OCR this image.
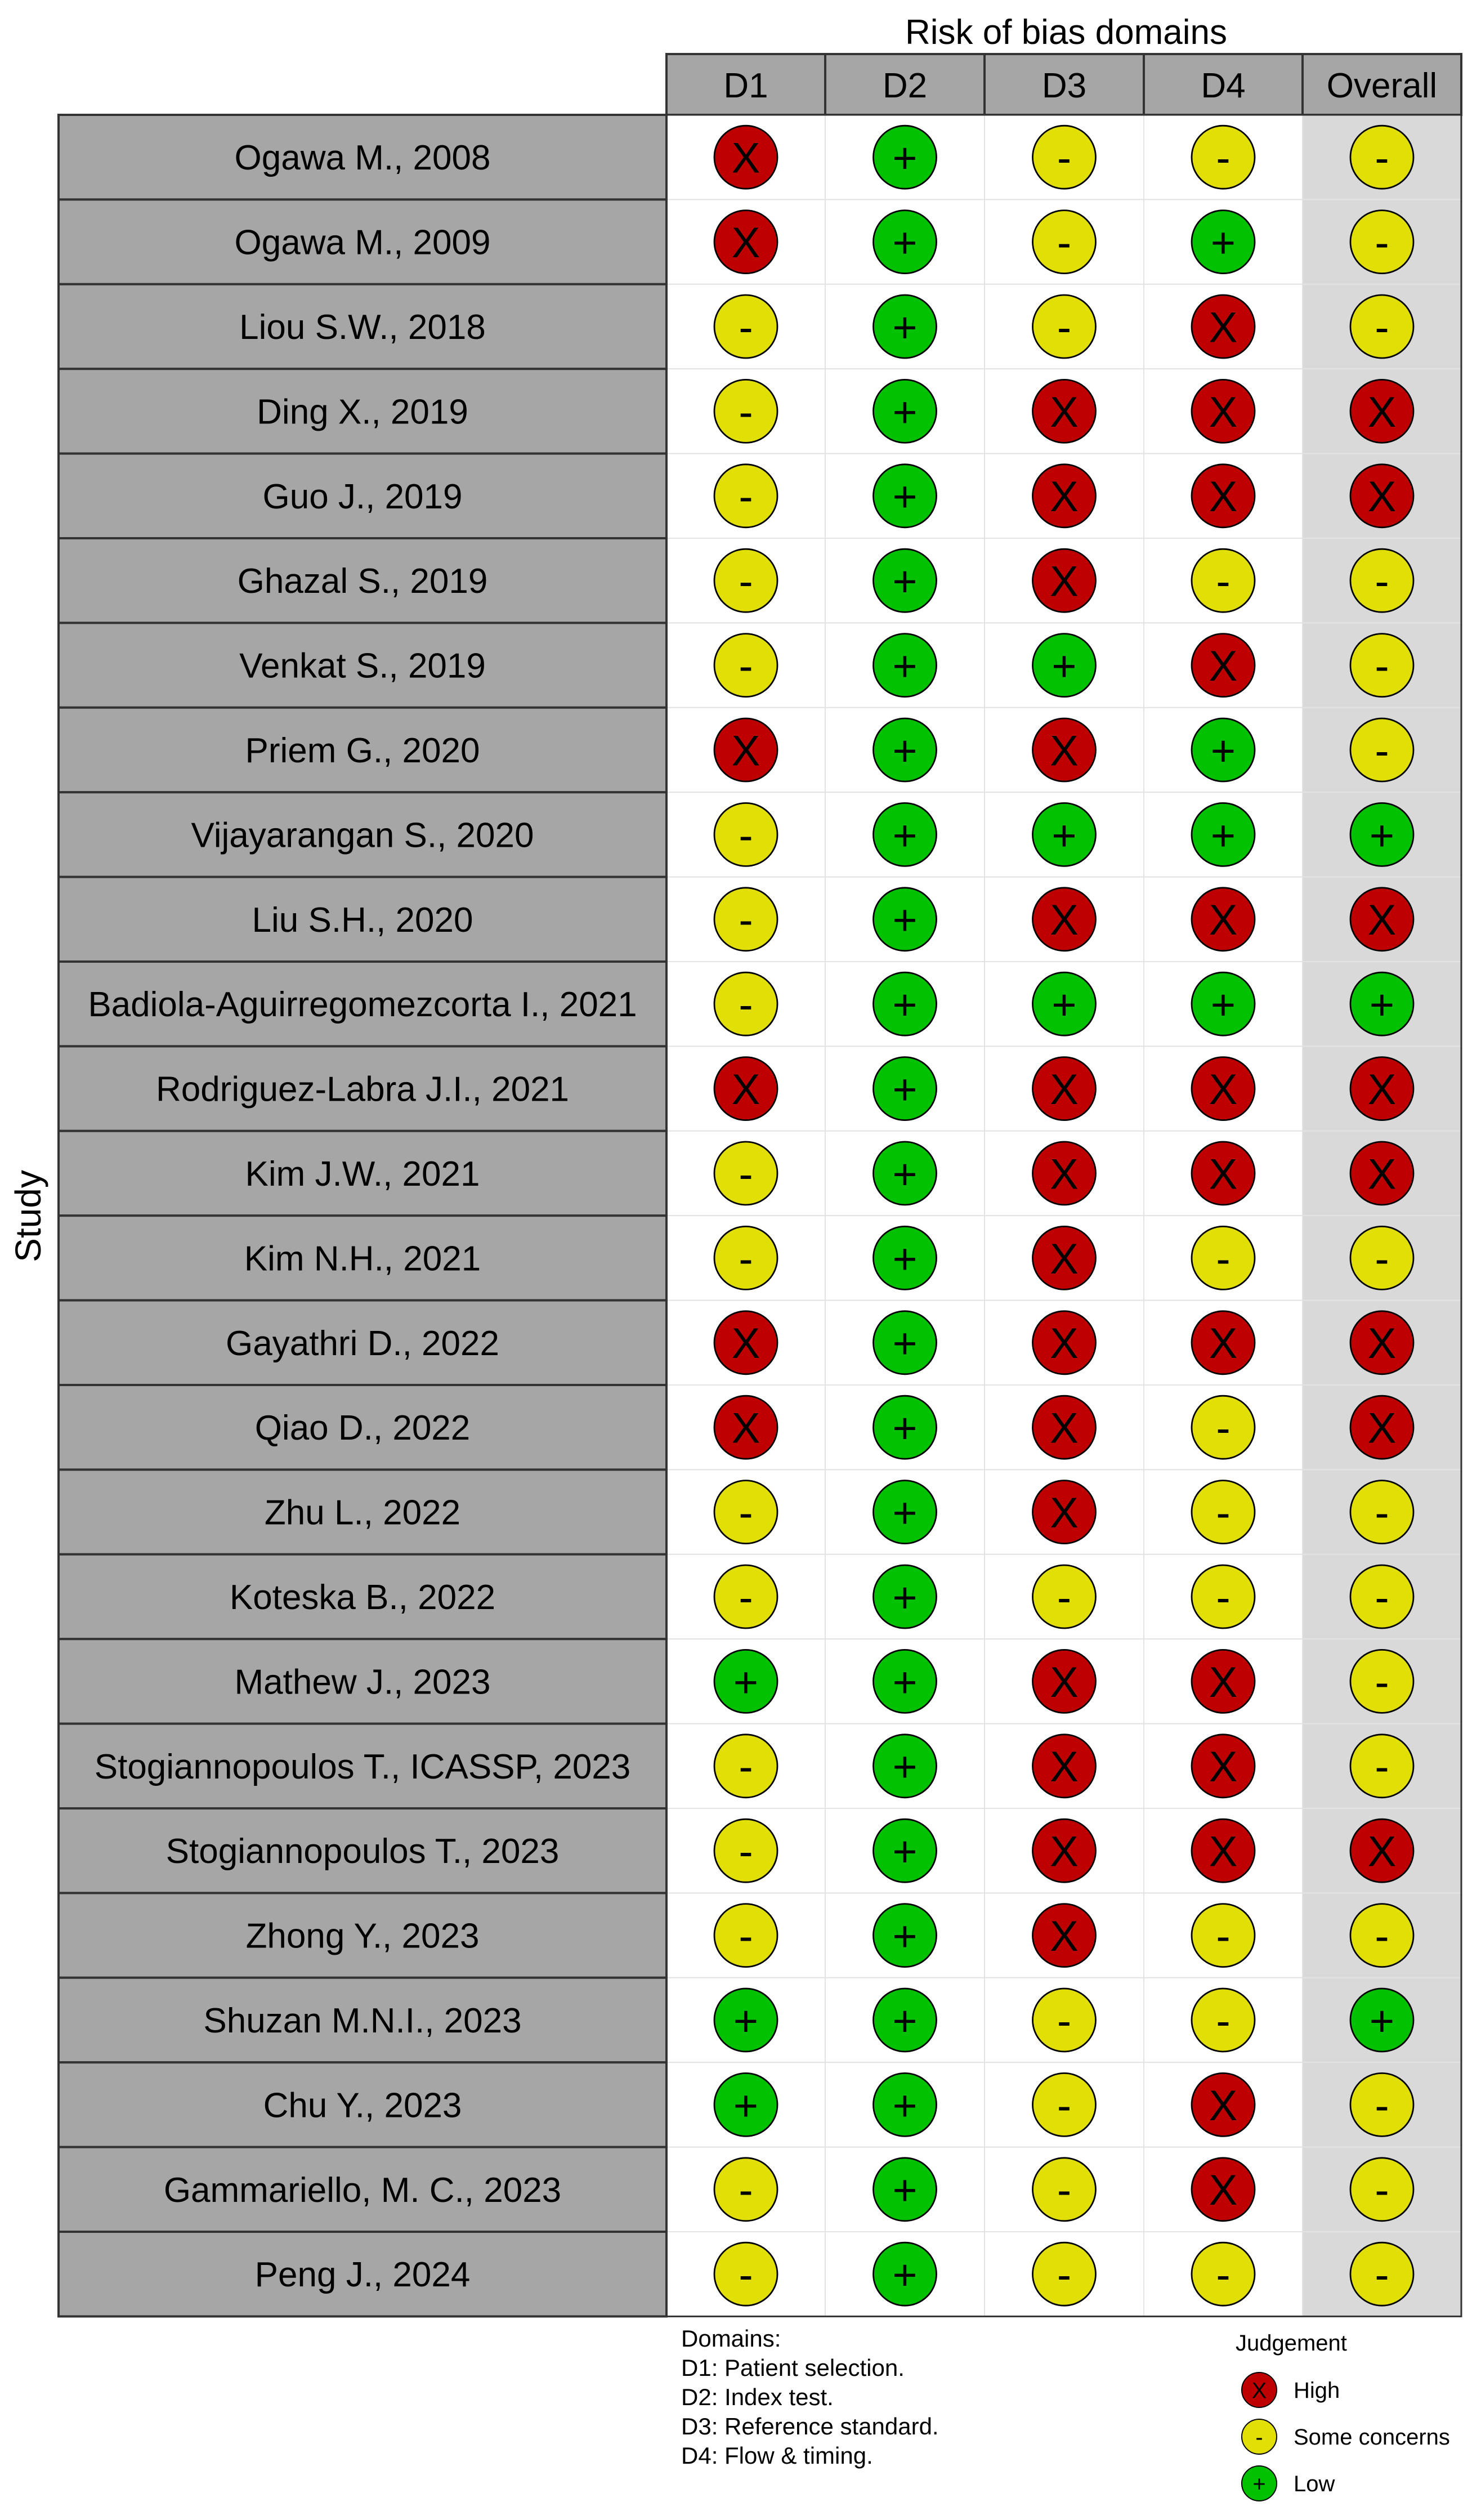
Risk of bias domains
Study
D1	D2	D3	D4 Overall
Ogawa M., 2008	X	+	-	-	-
Ogawa M., 2009	X	+	-	+	-
Liou S.W., 2018	-	+	-	X	-
Ding X., 2019	-	+	X	X	X
Guo J., 2019	-	+	X	X	X
Ghazal S., 2019	-	+	X	-	-
Venkat S., 2019	-	+	+	X	-
Priem G., 2020	X	+	X	+	-
Vijayarangan S., 2020	-	+	+	+	+
Liu S.H., 2020	-	+	X	X	X
Badiola-Aguirregomezcorta I., 2021 -	+	+	+	+
Rodriguez-Labra J.I., 2021	X	+	X	X	X
Kim J.W., 2021	-	+	X	X	X
Kim N.H., 2021	-	+	X	-	-
Gayathri D., 2022	X	+	X	X	X
Qiao D., 2022	X	+	X	-	X
Zhu L., 2022	-	+	X	-	-
Koteska B., 2022	-	+	-	-	-
Mathew J., 2023	+	+	X	X	-
Stogiannopoulos T., ICASSP, 2023	-	+	X	X	-
Stogiannopoulos T., 2023	-	+	X	X	X
Zhong Y., 2023	-	+	X	-	-
Shuzan M.N.I., 2023	+	+	-	-	+
Chu Y., 2023	+	+	-	X	-
Gammariello, M. C., 2023	-	+	-	X	-
Peng J., 2024	-	+	-	-	-
Domains:
D1: Patient selection.
D2: Index test.
D3: Reference standard.
D4: Flow & timing.
Judgement
X High
- Some concerns
+ Low
